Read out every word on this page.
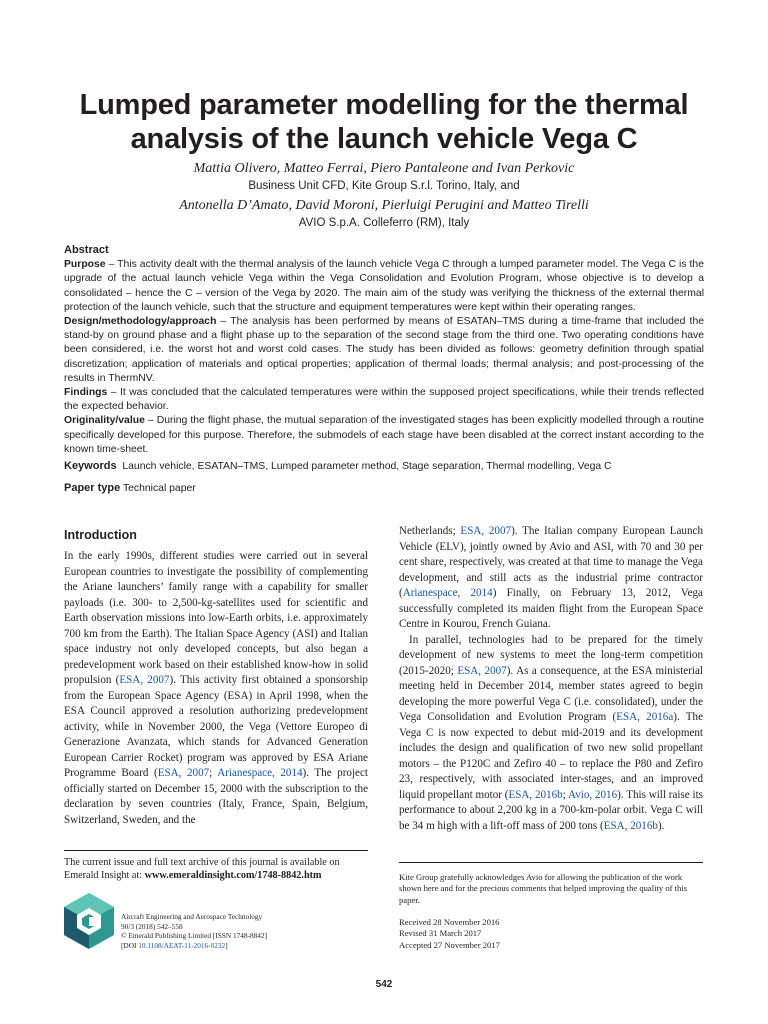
Lumped parameter modelling for the thermal
analysis of the launch vehicle Vega C
Mattia Olivero, Matteo Ferrai, Piero Pantaleone and Ivan Perkovic
Business Unit CFD, Kite Group S.r.l. Torino, Italy, and
Antonella D’Amato, David Moroni, Pierluigi Perugini and Matteo Tirelli
AVIO S.p.A. Colleferro (RM), Italy

Abstract

Purpose – This activity dealt with the thermal analysis of the launch vehicle Vega C through a lumped parameter model. The Vega C is the upgrade of the actual launch vehicle Vega within the Vega Consolidation and Evolution Program, whose objective is to develop a consolidated – hence the C – version of the Vega by 2020. The main aim of the study was verifying the thickness of the external thermal protection of the launch vehicle, such that the structure and equipment temperatures were kept within their operating ranges.

Design/methodology/approach – The analysis has been performed by means of ESATAN–TMS during a time-frame that included the stand-by on ground phase and a flight phase up to the separation of the second stage from the third one. Two operating conditions have been considered, i.e. the worst hot and worst cold cases. The study has been divided as follows: geometry definition through spatial discretization; application of materials and optical properties; application of thermal loads; thermal analysis; and post-processing of the results in ThermNV.

Findings – It was concluded that the calculated temperatures were within the supposed project specifications, while their trends reflected the expected behavior.

Originality/value – During the flight phase, the mutual separation of the investigated stages has been explicitly modelled through a routine specifically developed for this purpose. Therefore, the submodels of each stage have been disabled at the correct instant according to the known time-sheet.

Keywords Launch vehicle, ESATAN–TMS, Lumped parameter method, Stage separation, Thermal modelling, Vega C
Paper type Technical paper
Introduction

In the early 1990s, different studies were carried out in several European countries to investigate the possibility of complementing the Ariane launchers’ family range with a capability for smaller payloads (i.e. 300- to 2,500-kg-satellites used for scientific and Earth observation missions into low-Earth orbits, i.e. approximately 700 km from the Earth). The Italian Space Agency (ASI) and Italian space industry not only developed concepts, but also began a predevelopment work based on their established know-how in solid propulsion (ESA, 2007). This activity first obtained a sponsorship from the European Space Agency (ESA) in April 1998, when the ESA Council approved a resolution authorizing predevelopment activity, while in November 2000, the Vega (Vettore Europeo di Generazione Avanzata, which stands for Advanced Generation European Carrier Rocket) program was approved by ESA Ariane Programme Board (ESA, 2007; Arianespace, 2014). The project officially started on December 15, 2000 with the subscription to the declaration by seven countries (Italy, France, Spain, Belgium, Switzerland, Sweden, and the

Netherlands; ESA, 2007). The Italian company European Launch Vehicle (ELV), jointly owned by Avio and ASI, with 70 and 30 per cent share, respectively, was created at that time to manage the Vega development, and still acts as the industrial prime contractor (Arianespace, 2014) Finally, on February 13, 2012, Vega successfully completed its maiden flight from the European Space Centre in Kourou, French Guiana.

In parallel, technologies had to be prepared for the timely development of new systems to meet the long-term competition (2015-2020; ESA, 2007). As a consequence, at the ESA ministerial meeting held in December 2014, member states agreed to begin developing the more powerful Vega C (i.e. consolidated), under the Vega Consolidation and Evolution Program (ESA, 2016a). The Vega C is now expected to debut mid-2019 and its development includes the design and qualification of two new solid propellant motors – the P120C and Zefiro 40 – to replace the P80 and Zefiro 23, respectively, with associated inter-stages, and an improved liquid propellant motor (ESA, 2016b; Avio, 2016). This will raise its performance to about 2,200 kg in a 700-km-polar orbit. Vega C will be 34 m high with a lift-off mass of 200 tons (ESA, 2016b).

The current issue and full text archive of this journal is available on Emerald Insight at: www.emeraldinsight.com/1748-8842.htm
Aircraft Engineering and Aerospace Technology
90/3 (2018) 542–558
© Emerald Publishing Limited [ISSN 1748-8842]
[DOI 10.1108/AEAT-11-2016-0232]
Kite Group gratefully acknowledges Avio for allowing the publication of the work shown here and for the precious comments that helped improving the quality of this paper.
Received 28 November 2016
Revised 31 March 2017
Accepted 27 November 2017
542
